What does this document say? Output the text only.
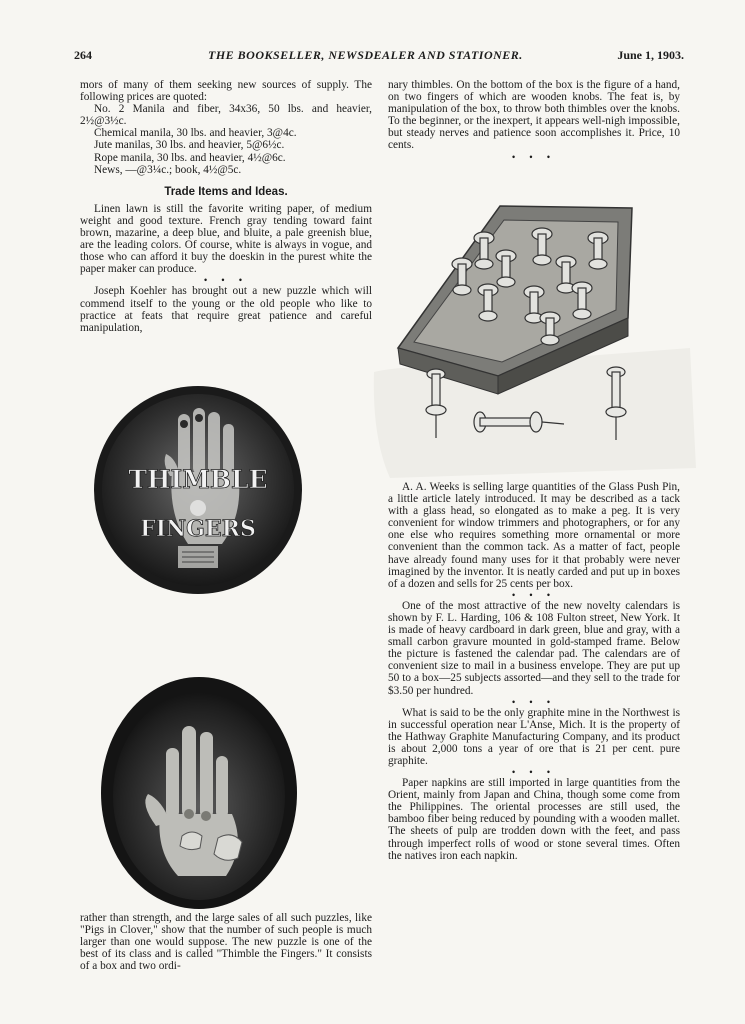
264	THE BOOKSELLER, NEWSDEALER AND STATIONER.	June 1, 1903.

mors of many of them seeking new sources of supply. The following prices are quoted:

No. 2 Manila and fiber, 34x36, 50 lbs. and heavier, 2½@3½c.

Chemical manila, 30 lbs. and heavier, 3@4c.

Jute manilas, 30 lbs. and heavier, 5@6½c.

Rope manila, 30 lbs. and heavier, 4½@6c.

News, —@3¼c.; book, 4½@5c.

Trade Items and Ideas.

Linen lawn is still the favorite writing paper, of medium weight and good texture. French gray tending toward faint brown, mazarine, a deep blue, and bluite, a pale greenish blue, are the leading colors. Of course, white is always in vogue, and those who can afford it buy the doeskin in the purest white the paper maker can produce.

• • •

Joseph Koehler has brought out a new puzzle which will commend itself to the young or the old people who like to practice at feats that require great patience and careful manipulation,

THIMBLE
FINGERS

rather than strength, and the large sales of all such puzzles, like "Pigs in Clover," show that the number of such people is much larger than one would suppose. The new puzzle is one of the best of its class and is called "Thimble the Fingers." It consists of a box and two ordi-

nary thimbles. On the bottom of the box is the figure of a hand, on two fingers of which are wooden knobs. The feat is, by manipulation of the box, to throw both thimbles over the knobs. To the beginner, or the inexpert, it appears well-nigh impossible, but steady nerves and patience soon accomplishes it. Price, 10 cents.

• • •

A. A. Weeks is selling large quantities of the Glass Push Pin, a little article lately introduced. It may be described as a tack with a glass head, so elongated as to make a peg. It is very convenient for window trimmers and photographers, or for any one else who requires something more ornamental or more convenient than the common tack. As a matter of fact, people have already found many uses for it that probably were never imagined by the inventor. It is neatly carded and put up in boxes of a dozen and sells for 25 cents per box.

• • •

One of the most attractive of the new novelty calendars is shown by F. L. Harding, 106 & 108 Fulton street, New York. It is made of heavy cardboard in dark green, blue and gray, with a small carbon gravure mounted in gold-stamped frame. Below the picture is fastened the calendar pad. The calendars are of convenient size to mail in a business envelope. They are put up 50 to a box—25 subjects assorted—and they sell to the trade for $3.50 per hundred.

• • •

What is said to be the only graphite mine in the Northwest is in successful operation near L'Anse, Mich. It is the property of the Hathway Graphite Manufacturing Company, and its product is about 2,000 tons a year of ore that is 21 per cent. pure graphite.

• • •

Paper napkins are still imported in large quantities from the Orient, mainly from Japan and China, though some come from the Philippines. The oriental processes are still used, the bamboo fiber being reduced by pounding with a wooden mallet. The sheets of pulp are trodden down with the feet, and pass through imperfect rolls of wood or stone several times. Often the natives iron each napkin.
